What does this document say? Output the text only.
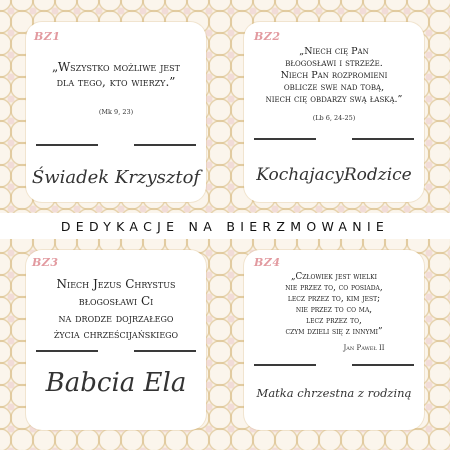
BZ1
„Wszystko możliwe jest
dla tego, kto wierzy.”
(Mk 9, 23)
Świadek Krzysztof
BZ2
„Niech cię Pan
błogosławi i strzeże.
Niech Pan rozpromieni
oblicze swe nad tobą,
niech cię obdarzy swą łaską.”
(Lb 6, 24-25)
KochajacyRodzice
DEDYKACJE NA BIERZMOWANIE
BZ3
Niech Jezus Chrystus
błogosławi Ci
na drodze dojrzałego
życia chrześcijańskiego
Babcia Ela
BZ4
„Człowiek jest wielki
nie przez to, co posiada,
lecz przez to, kim jest;
nie przez to co ma,
lecz przez to,
czym dzieli się z innymi”
Jan Paweł II
Matka chrzestna z rodziną
